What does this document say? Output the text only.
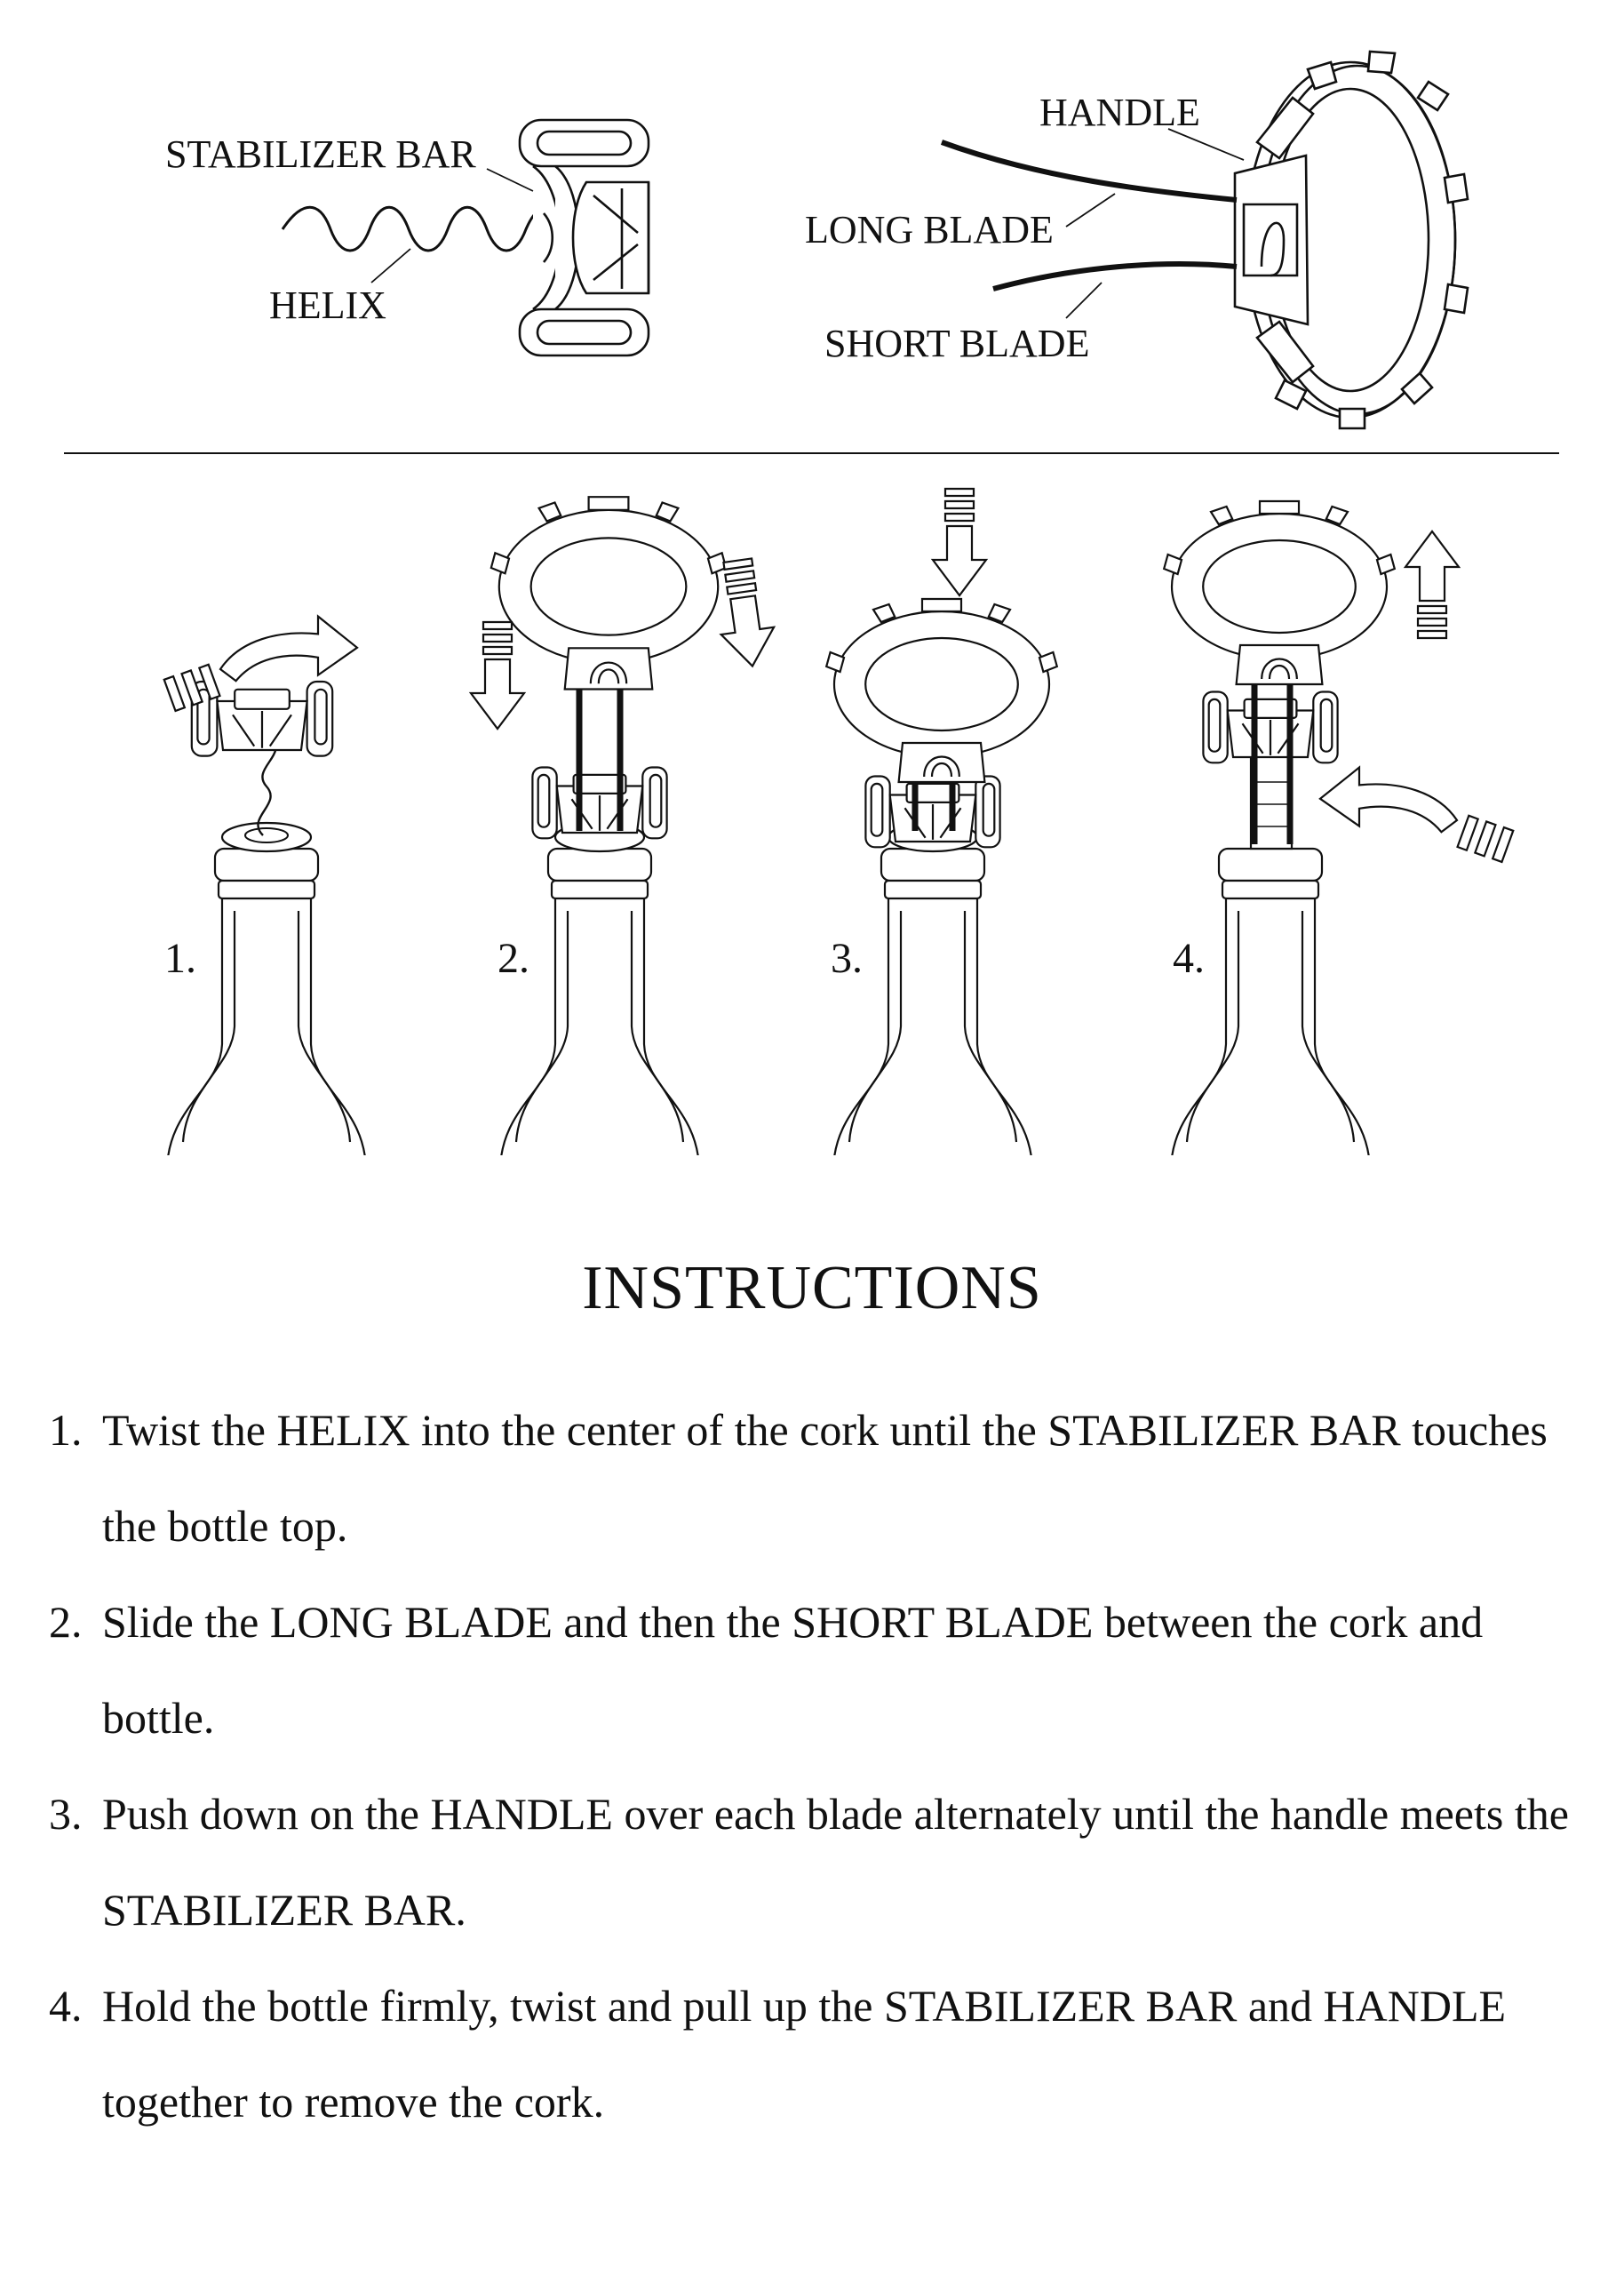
STABILIZER BAR
HELIX
HANDLE
LONG BLADE
SHORT BLADE
1.	2.	3.	4.
INSTRUCTIONS
1. Twist the HELIX into the center of the cork until the STABILIZER BAR touches the bottle top.
2. Slide the LONG BLADE and then the SHORT BLADE between the cork and bottle.
3. Push down on the HANDLE over each blade alternately until the handle meets the STABILIZER BAR.
4. Hold the bottle firmly, twist and pull up the STABILIZER BAR and HANDLE together to remove the cork.
